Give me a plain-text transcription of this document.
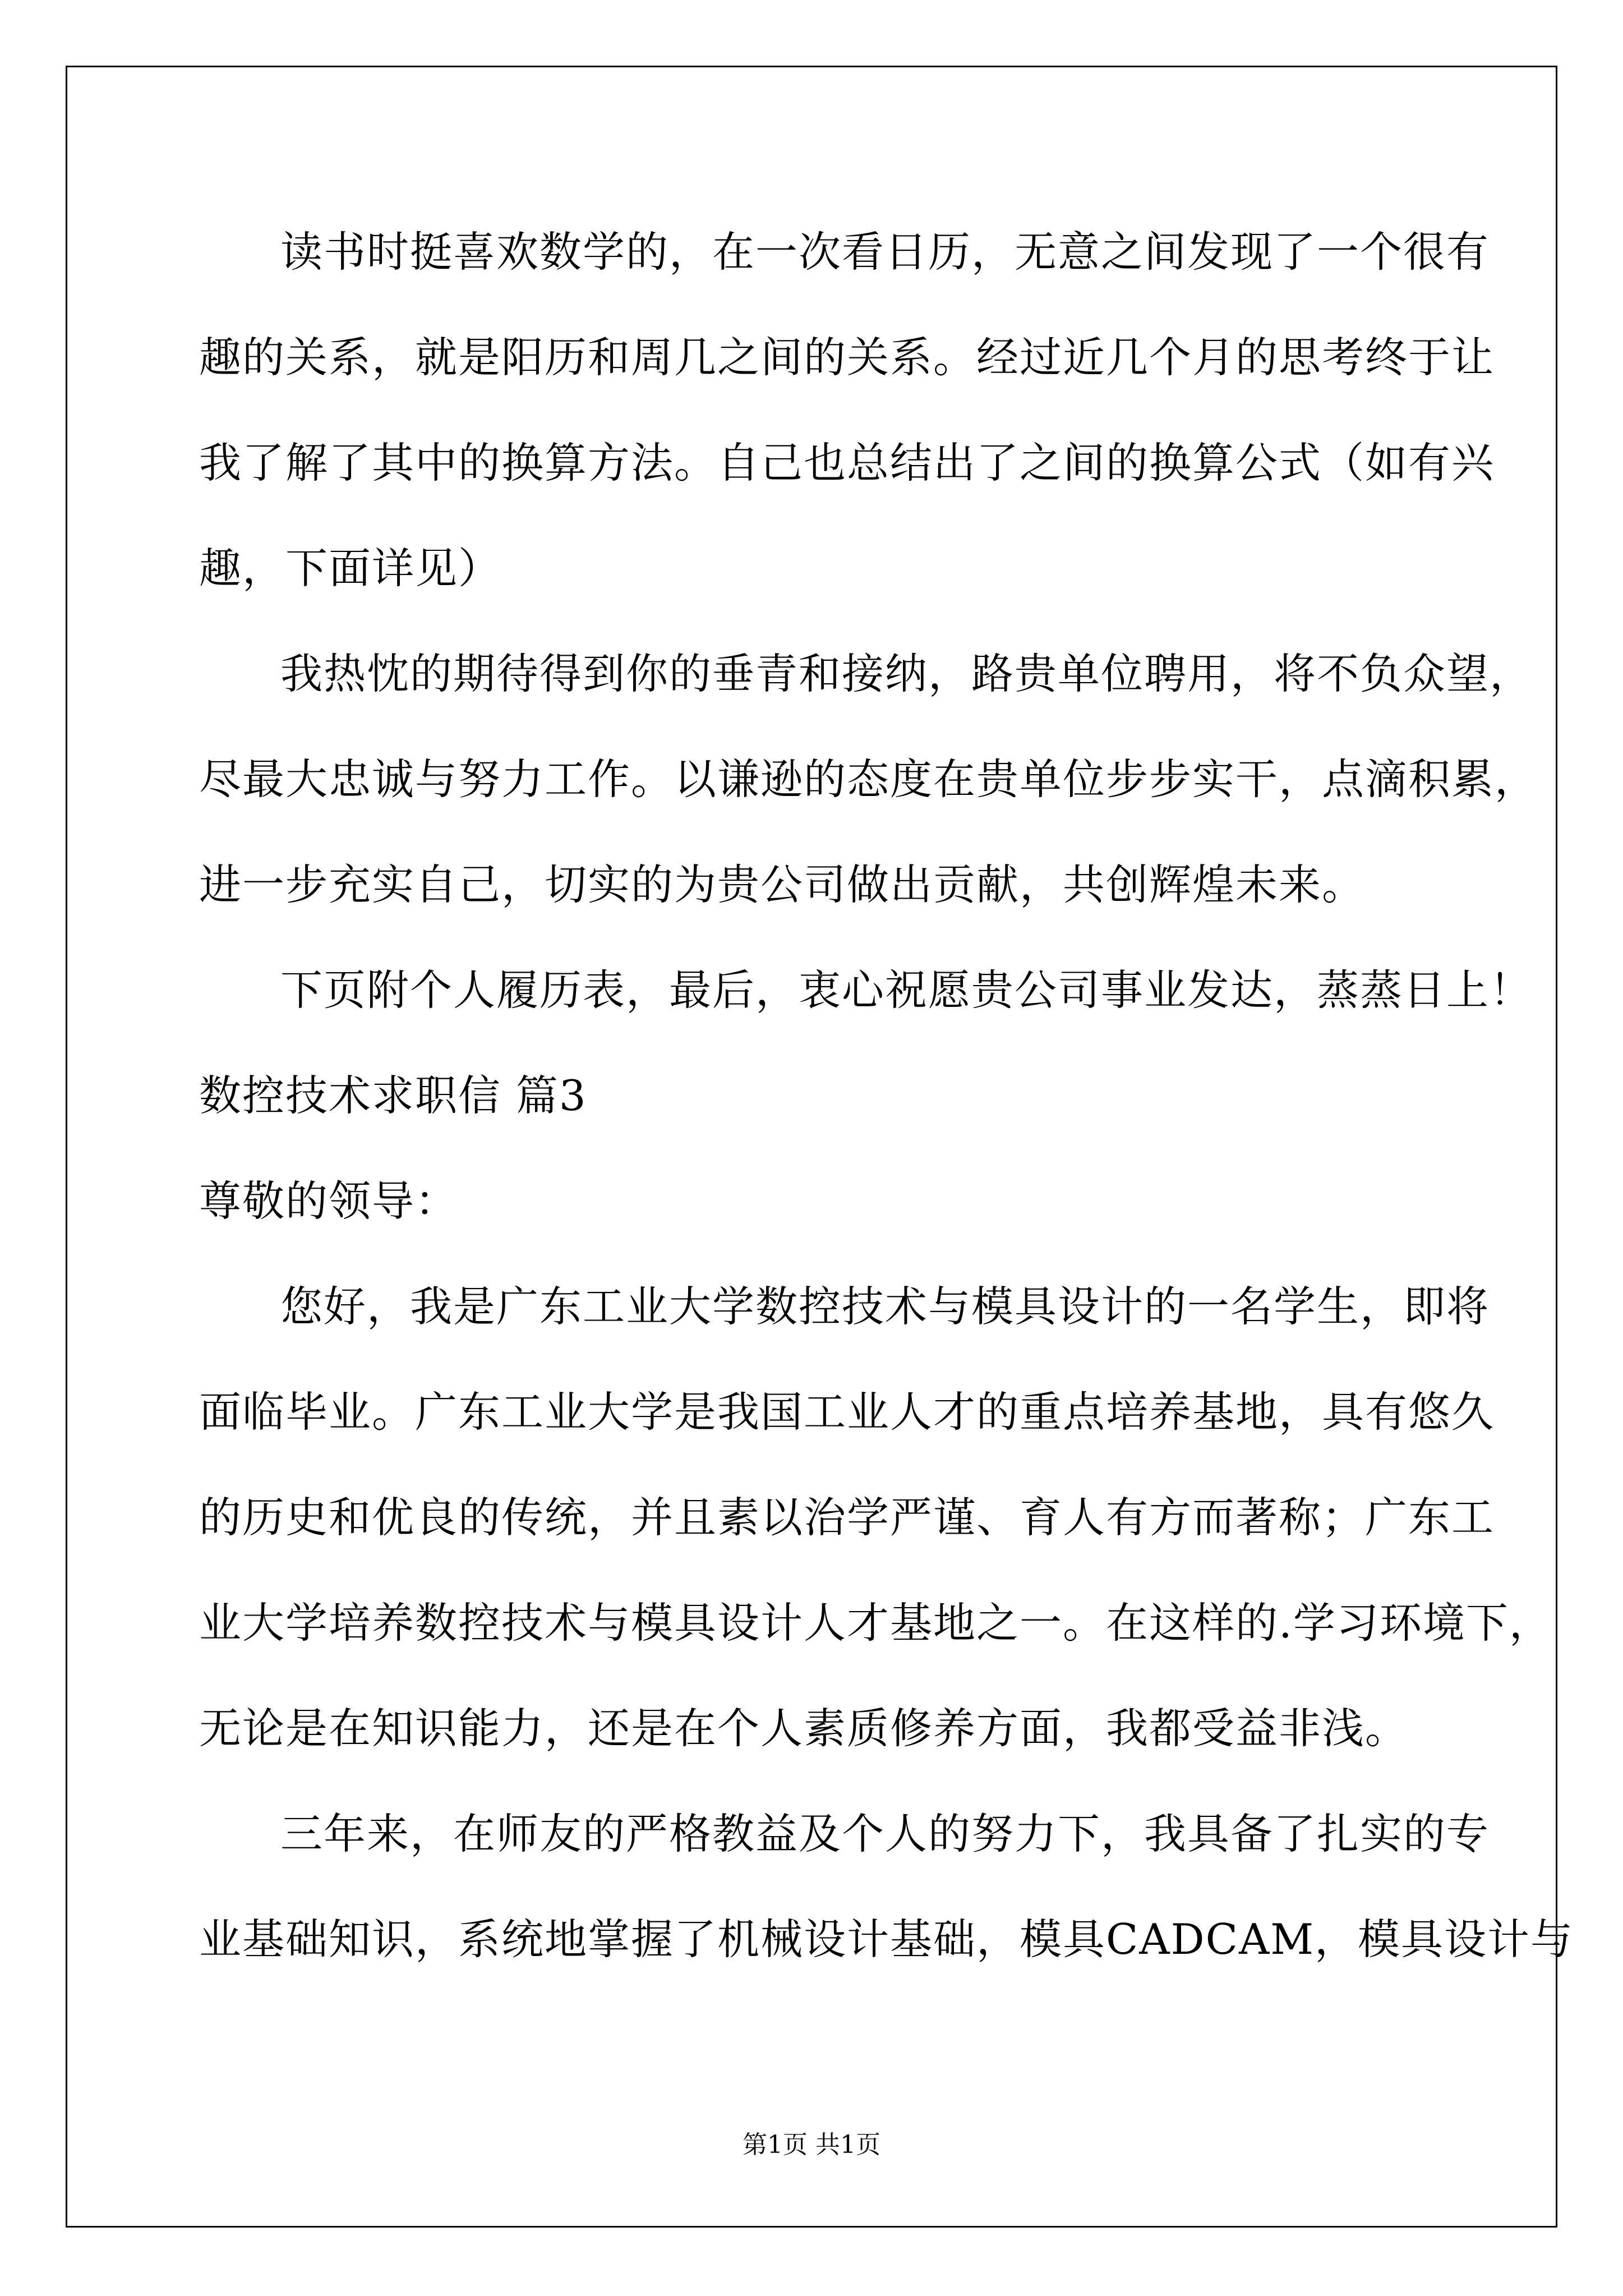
读书时挺喜欢数学的，在一次看日历，无意之间发现了一个很有
趣的关系，就是阳历和周几之间的关系。经过近几个月的思考终于让
我了解了其中的换算方法。自己也总结出了之间的换算公式（如有兴
趣，下面详见）
我热忱的期待得到你的垂青和接纳，路贵单位聘用，将不负众望，
尽最大忠诚与努力工作。以谦逊的态度在贵单位步步实干，点滴积累，
进一步充实自己，切实的为贵公司做出贡献，共创辉煌未来。
下页附个人履历表，最后，衷心祝愿贵公司事业发达，蒸蒸日上！
数控技术求职信 篇3
尊敬的领导：
您好，我是广东工业大学数控技术与模具设计的一名学生，即将
面临毕业。广东工业大学是我国工业人才的重点培养基地，具有悠久
的历史和优良的传统，并且素以治学严谨、育人有方而著称；广东工
业大学培养数控技术与模具设计人才基地之一。在这样的.学习环境下，
无论是在知识能力，还是在个人素质修养方面，我都受益非浅。
三年来，在师友的严格教益及个人的努力下，我具备了扎实的专
业基础知识，系统地掌握了机械设计基础，模具CADCAM，模具设计与
第1页 共1页
